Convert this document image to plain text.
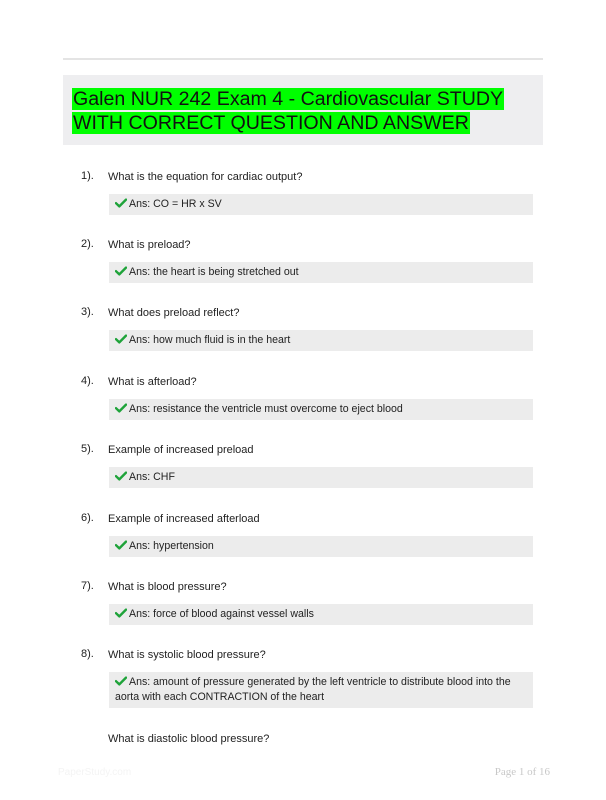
Galen NUR 242 Exam 4 - Cardiovascular STUDY WITH CORRECT QUESTION AND ANSWER
1). What is the equation for cardiac output?
Ans: CO = HR x SV
2). What is preload?
Ans: the heart is being stretched out
3). What does preload reflect?
Ans: how much fluid is in the heart
4). What is afterload?
Ans: resistance the ventricle must overcome to eject blood
5). Example of increased preload
Ans: CHF
6). Example of increased afterload
Ans: hypertension
7). What is blood pressure?
Ans: force of blood against vessel walls
8). What is systolic blood pressure?
Ans: amount of pressure generated by the left ventricle to distribute blood into the aorta with each CONTRACTION of the heart
What is diastolic blood pressure?
PaperStudy.com	Page 1 of 16
